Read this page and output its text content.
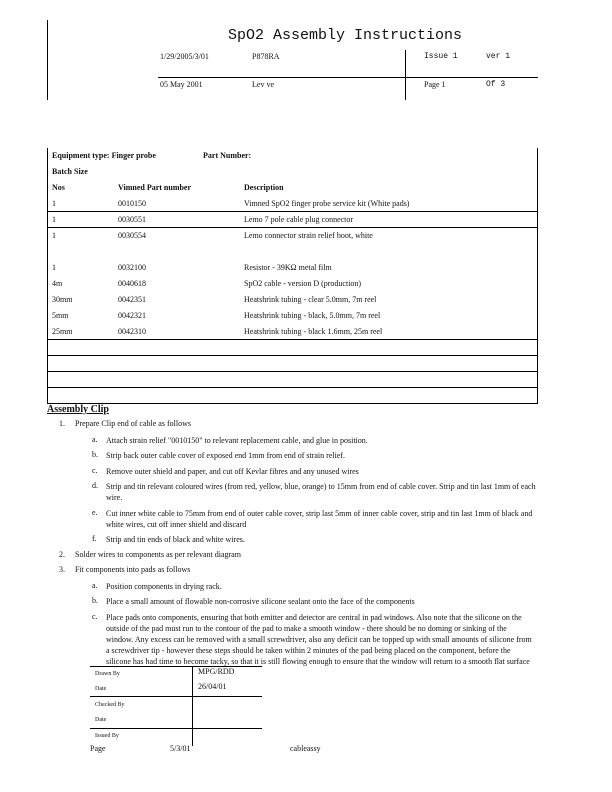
SpO2 Assembly Instructions
1/29/2005/3/01	P878RA	Issue 1	ver 1
05 May 2001	Lev ve	Page 1	Of 3
Equipment type: Finger probe	Part Number:
Batch Size
Nos	Vimned Part number	Description
1	0010150	Vimned SpO2 finger probe service kit (White pads)
1	0030551	Lemo 7 pole cable plug connector
1	0030554	Lemo connector strain relief boot, white
1	0032100	Resistor - 39KΩ metal film
4m	0040618	SpO2 cable - version D (production)
30mm	0042351	Heatshrink tubing - clear 5.0mm, 7m reel
5mm	0042321	Heatshrink tubing - black, 5.0mm, 7m reel
25mm	0042310	Heatshrink tubing - black 1.6mm, 25m reel
Assembly Clip
1. Prepare Clip end of cable as follows
a. Attach strain relief "0010150" to relevant replacement cable, and glue in position.
b. Strip back outer cable cover of exposed end 1mm from end of strain relief.
c. Remove outer shield and paper, and cut off Kevlar fibres and any unused wires
d. Strip and tin relevant coloured wires (from red, yellow, blue, orange) to 15mm from end of cable cover. Strip and tin last 1mm of each wire.
e. Cut inner white cable to 75mm from end of outer cable cover, strip last 5mm of inner cable cover, strip and tin last 1mm of black and white wires, cut off inner shield and discard
f. Strip and tin ends of black and white wires.
2. Solder wires to components as per relevant diagram
3. Fit components into pads as follows
a. Position components in drying rack.
b. Place a small amount of flowable non-corrosive silicone sealant onto the face of the components
c. Place pads onto components, ensuring that both emitter and detector are central in pad windows. Also note that the silicone on the outside of the pad must run to the contour of the pad to make a smooth window - there should be no doming or sinking of the window. Any excess can be removed with a small screwdriver, also any deficit can be topped up with small amounts of silicone from a screwdriver tip - however these steps should be taken within 2 minutes of the pad being placed on the component, before the silicone has had time to become tacky, so that it is still flowing enough to ensure that the window will return to a smooth flat surface
Drawn By	MPG/RDD
Date	26/04/01
Checked By
Date
Issued By
Page	5/3/01	cableassy
